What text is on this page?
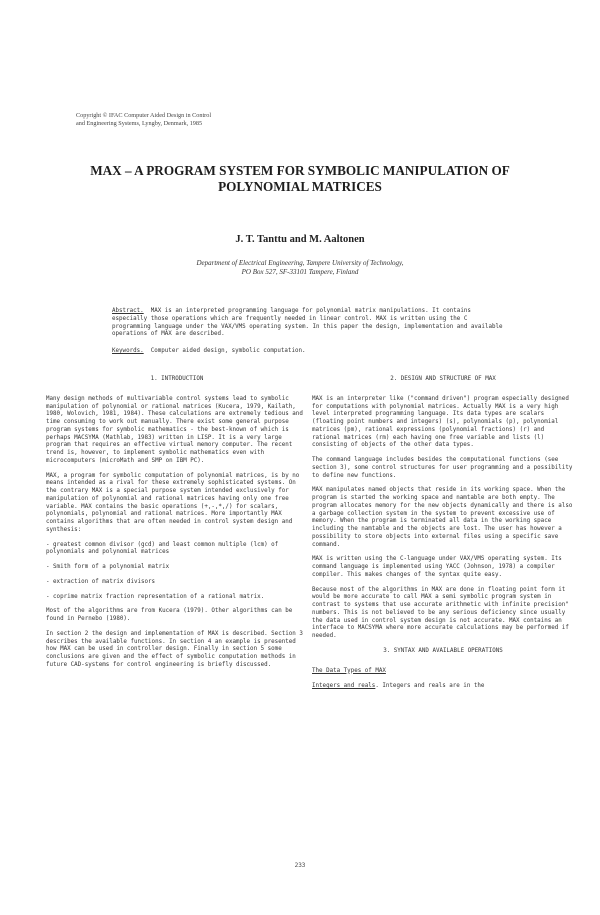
Copyright © IFAC Computer Aided Design in Control
and Engineering Systems, Lyngby, Denmark, 1985
MAX – A PROGRAM SYSTEM FOR SYMBOLIC MANIPULATION OF POLYNOMIAL MATRICES
J. T. Tanttu and M. Aaltonen
Department of Electrical Engineering, Tampere University of Technology,
PO Box 527, SF-33101 Tampere, Finland
Abstract. MAX is an interpreted programming language for polynomial matrix manipulations. It contains especially those operations which are frequently needed in linear control. MAX is written using the C programming language under the VAX/VMS operating system. In this paper the design, implementation and available operations of MAX are described.
Keywords. Computer aided design, symbolic computation.
1. INTRODUCTION

Many design methods of multivariable control systems lead to symbolic manipulation of polynomial or rational matrices (Kucera, 1979, Kailath, 1980, Wolovich, 1981, 1984). These calculations are extremely tedious and time consuming to work out manually. There exist some general purpose program systems for symbolic mathematics - the best-known of which is perhaps MACSYMA (Mathlab, 1983) written in LISP. It is a very large program that requires an effective virtual memory computer. The recent trend is, however, to implement symbolic mathematics even with microcomputers (microMath and SMP on IBM PC).

MAX, a program for symbolic computation of polynomial matrices, is by no means intended as a rival for these extremely sophisticated systems. On the contrary MAX is a special purpose system intended exclusively for manipulation of polynomial and rational matrices having only one free variable. MAX contains the basic operations (+,-,*,/) for scalars, polynomials, polynomial and rational matrices. More importantly MAX contains algorithms that are often needed in control system design and synthesis:

- greatest common divisor (gcd) and least common multiple (lcm) of polynomials and polynomial matrices
- Smith form of a polynomial matrix
- extraction of matrix divisors
- coprime matrix fraction representation of a rational matrix.

Most of the algorithms are from Kucera (1979). Other algorithms can be found in Pernebo (1980).

In section 2 the design and implementation of MAX is described. Section 3 describes the available functions. In section 4 an example is presented how MAX can be used in controller design. Finally in section 5 some conclusions are given and the effect of symbolic computation methods in future CAD-systems for control engineering is briefly discussed.

2. DESIGN AND STRUCTURE OF MAX

MAX is an interpreter like ("command driven") program especially designed for computations with polynomial matrices. Actually MAX is a very high level interpreted programming language. Its data types are scalars (floating point numbers and integers) (s), polynomials (p), polynomial matrices (pm), rational expressions (polynomial fractions) (r) and rational matrices (rm) each having one free variable and lists (l) consisting of objects of the other data types.

The command language includes besides the computational functions (see section 3), some control structures for user programming and a possibility to define new functions.

MAX manipulates named objects that reside in its working space. When the program is started the working space and namtable are both empty. The program allocates memory for the new objects dynamically and there is also a garbage collection system in the system to prevent excessive use of memory. When the program is terminated all data in the working space including the namtable and the objects are lost. The user has however a possibility to store objects into external files using a specific save command.

MAX is written using the C-language under VAX/VMS operating system. Its command language is implemented using YACC (Johnson, 1978) a compiler compiler. This makes changes of the syntax quite easy.

Because most of the algorithms in MAX are done in floating point form it would be more accurate to call MAX a semi symbolic program system in contrast to systems that use accurate arithmetic with infinite precision" numbers. This is not believed to be any serious deficiency since usually the data used in control system design is not accurate. MAX contains an interface to MACSYMA where more accurate calculations may be performed if needed.

3. SYNTAX AND AVAILABLE OPERATIONS
The Data Types of MAX

Integers and reals. Integers and reals are in the

233
